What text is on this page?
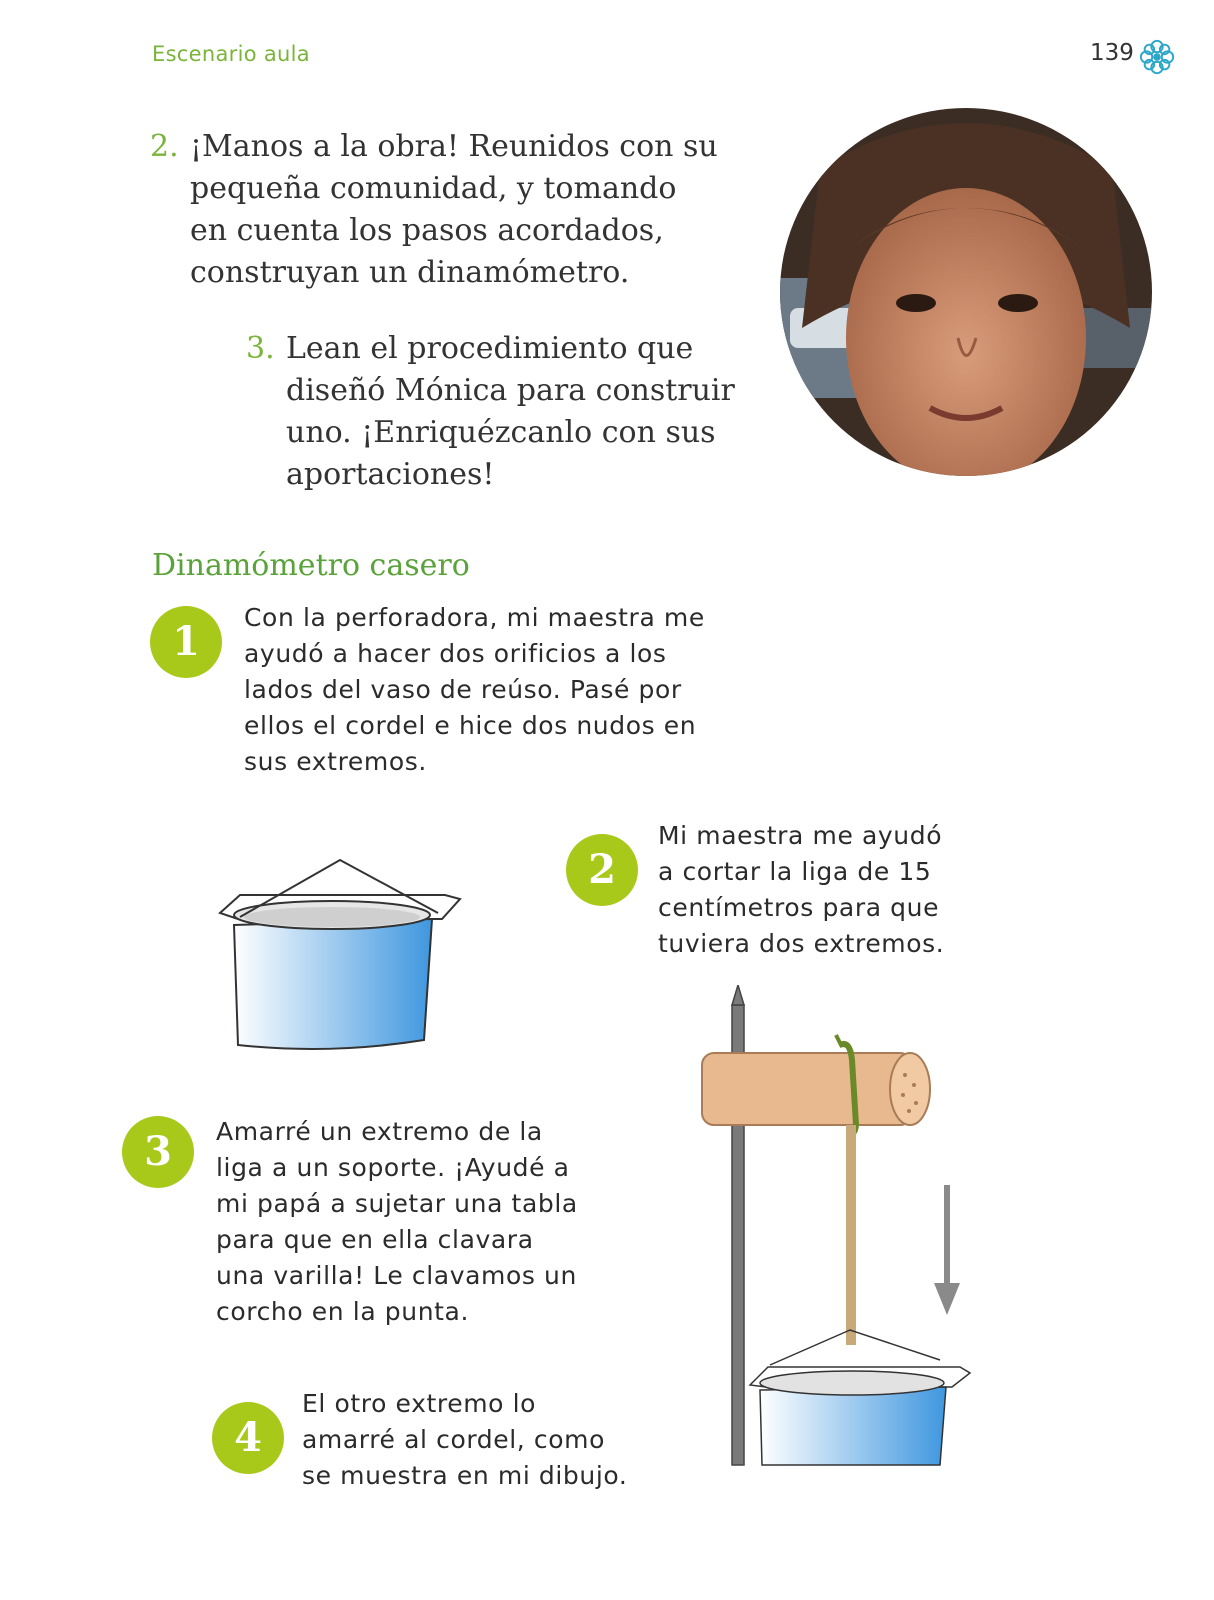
Escenario aula	139
2. ¡Manos a la obra! Reunidos con su
pequeña comunidad, y tomando
en cuenta los pasos acordados,
construyan un dinamómetro.
3. Lean el procedimiento que
diseñó Mónica para construir
uno. ¡Enriquézcanlo con sus
aportaciones!
Dinamómetro casero
1
Con la perforadora, mi maestra me
ayudó a hacer dos orificios a los
lados del vaso de reúso. Pasé por
ellos el cordel e hice dos nudos en
sus extremos.
2
Mi maestra me ayudó
a cortar la liga de 15
centímetros para que
tuviera dos extremos.
3	Amarré un extremo de la
liga a un soporte. ¡Ayudé a
mi papá a sujetar una tabla
para que en ella clavara
una varilla! Le clavamos un
corcho en la punta.
4
El otro extremo lo
amarré al cordel, como
se muestra en mi dibujo.
